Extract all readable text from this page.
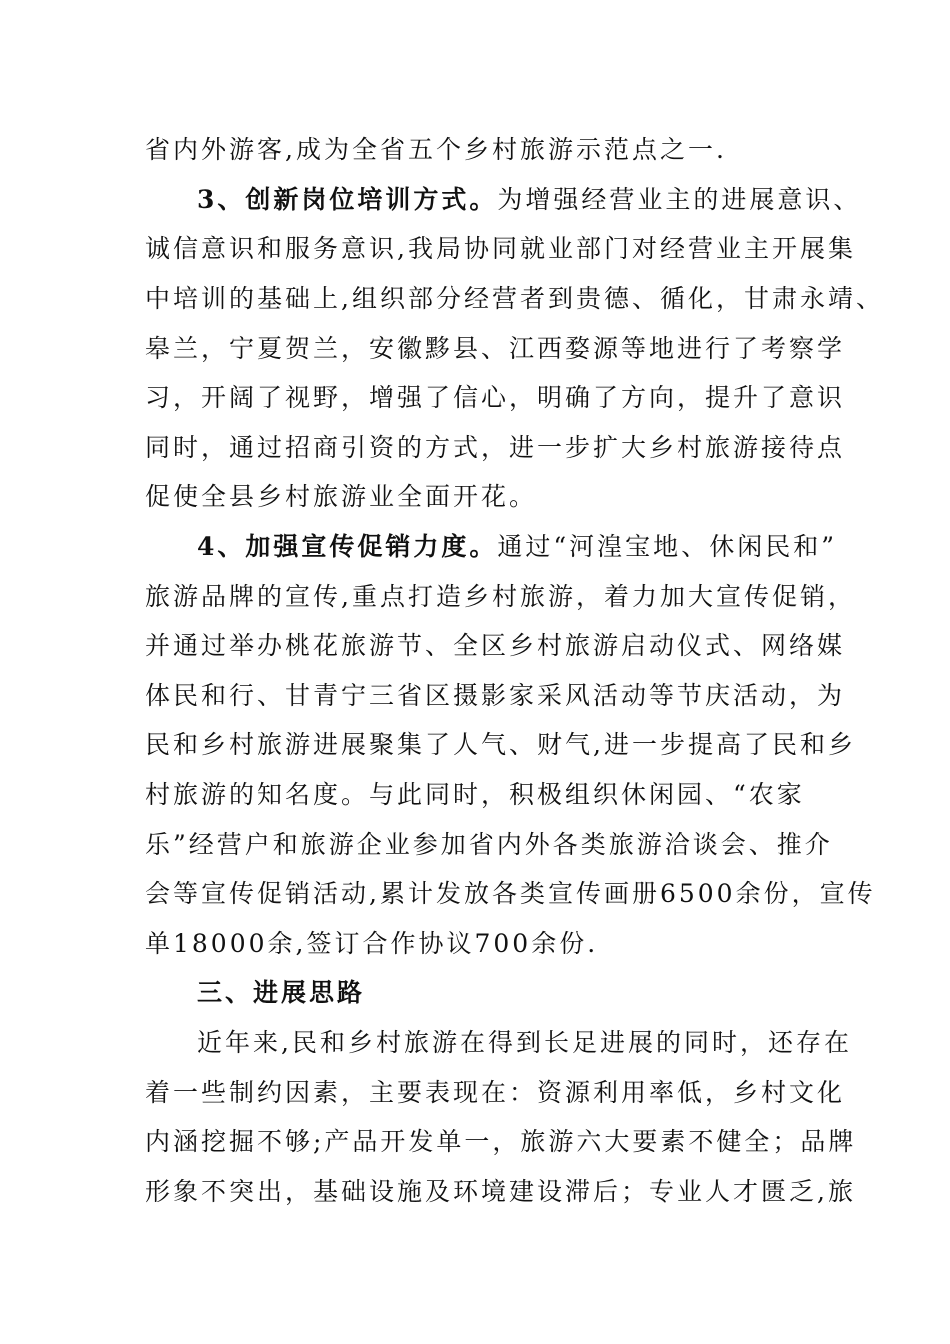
省内外游客,成为全省五个乡村旅游示范点之一.
3、创新岗位培训方式。为增强经营业主的进展意识、
诚信意识和服务意识,我局协同就业部门对经营业主开展集
中培训的基础上,组织部分经营者到贵德、循化，甘肃永靖、
皋兰，宁夏贺兰，安徽黟县、江西婺源等地进行了考察学
习，开阔了视野，增强了信心，明确了方向，提升了意识
同时，通过招商引资的方式，进一步扩大乡村旅游接待点
促使全县乡村旅游业全面开花。
4、加强宣传促销力度。通过“河湟宝地、休闲民和”
旅游品牌的宣传,重点打造乡村旅游，着力加大宣传促销，
并通过举办桃花旅游节、全区乡村旅游启动仪式、网络媒
体民和行、甘青宁三省区摄影家采风活动等节庆活动，为
民和乡村旅游进展聚集了人气、财气,进一步提高了民和乡
村旅游的知名度。与此同时，积极组织休闲园、“农家
乐”经营户和旅游企业参加省内外各类旅游洽谈会、推介
会等宣传促销活动,累计发放各类宣传画册6500余份，宣传
单18000余,签订合作协议700余份.
三、进展思路
近年来,民和乡村旅游在得到长足进展的同时，还存在
着一些制约因素，主要表现在：资源利用率低，乡村文化
内涵挖掘不够;产品开发单一，旅游六大要素不健全；品牌
形象不突出，基础设施及环境建设滞后；专业人才匮乏,旅
